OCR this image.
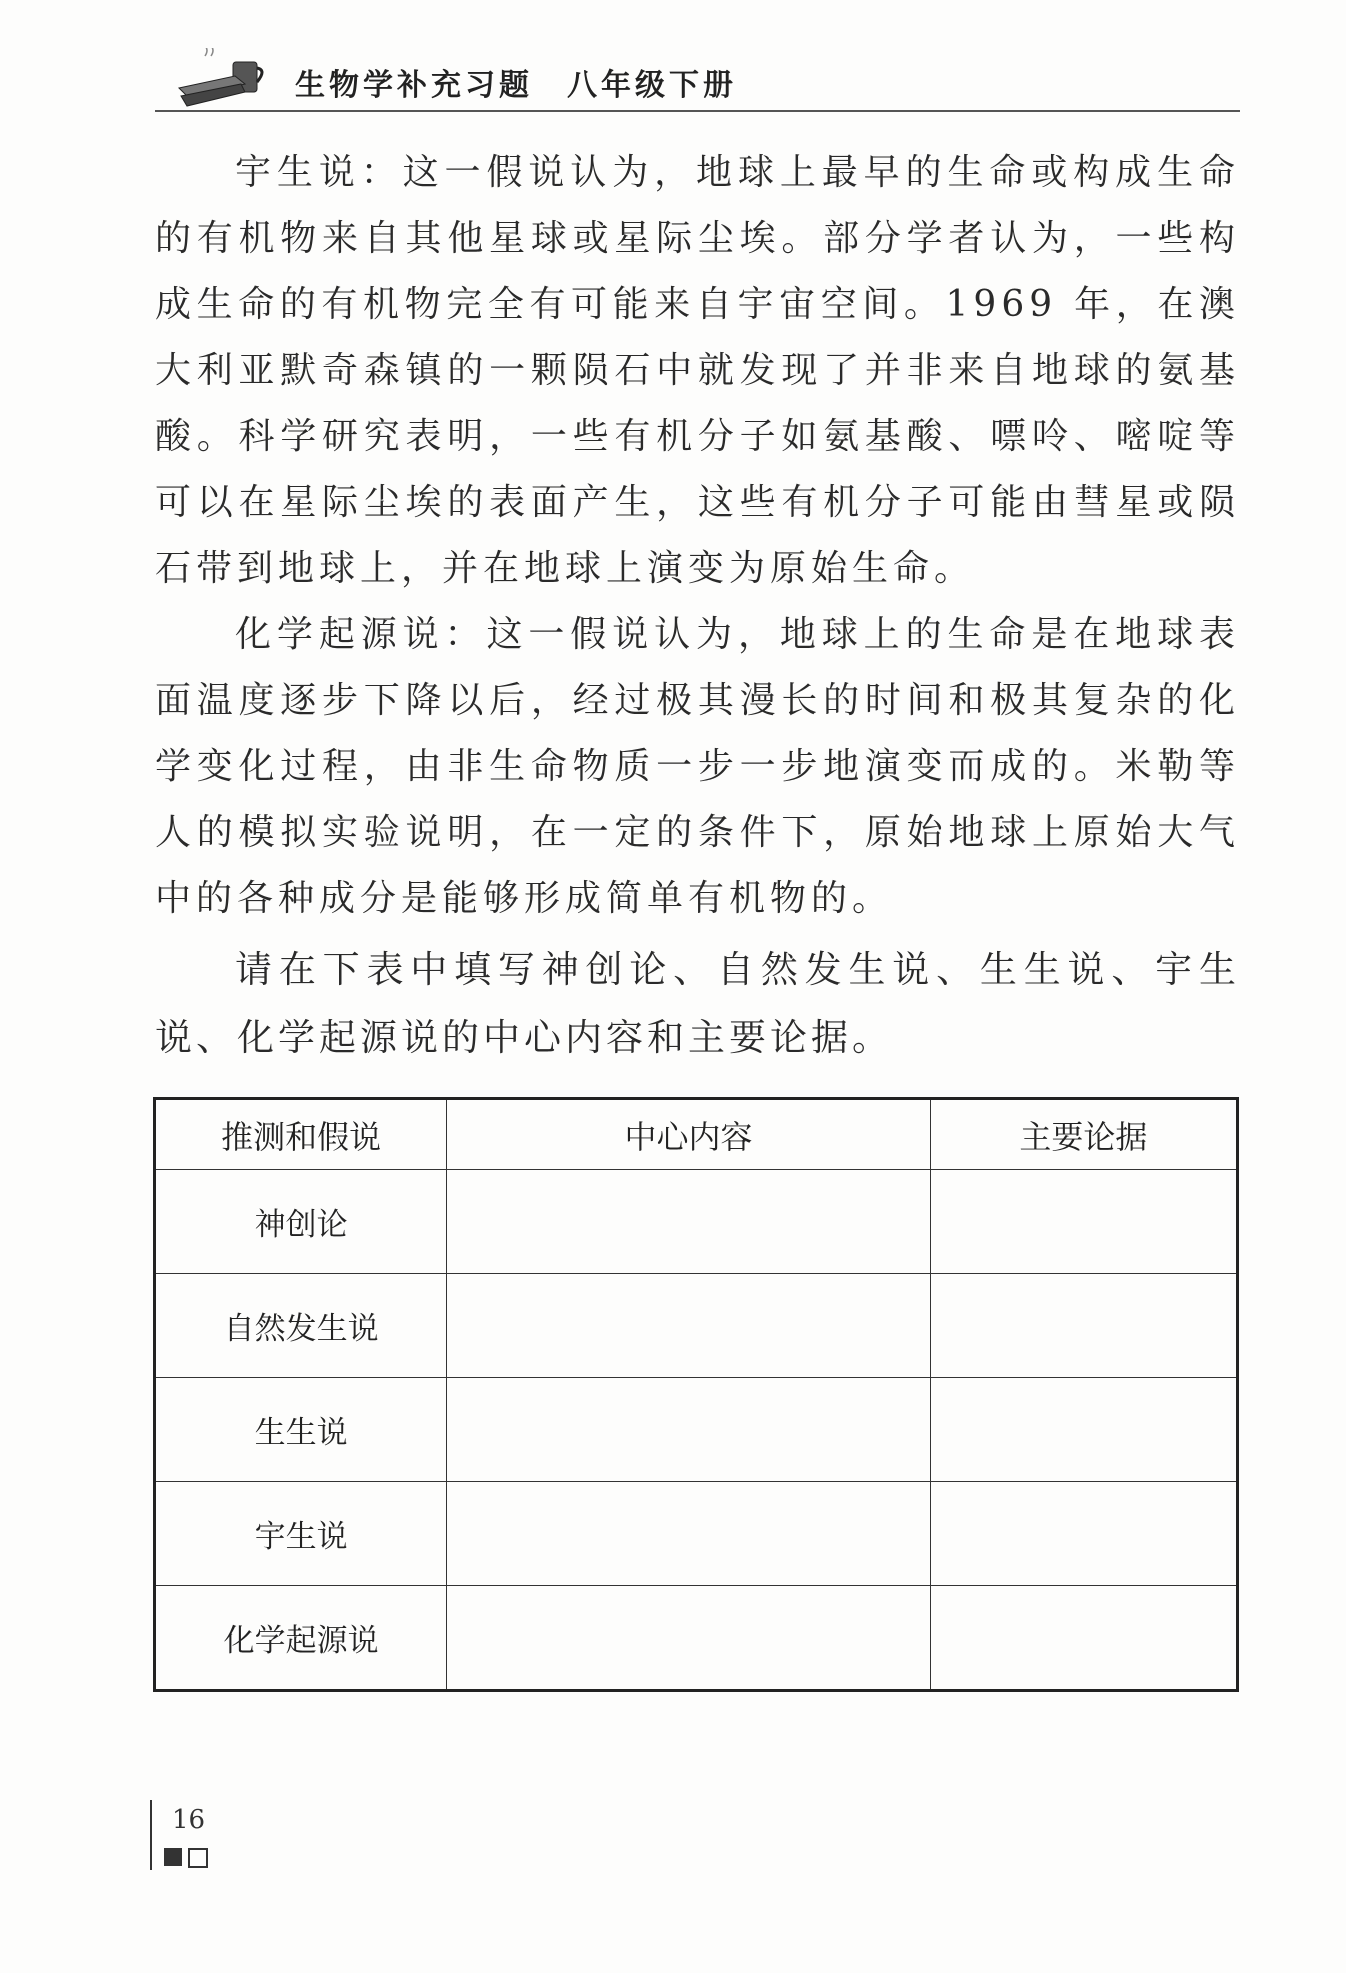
生物学补充习题　八年级下册

宇生说：这一假说认为，地球上最早的生命或构成生命的有机物来自其他星球或星际尘埃。部分学者认为，一些构成生命的有机物完全有可能来自宇宙空间。1969 年，在澳大利亚默奇森镇的一颗陨石中就发现了并非来自地球的氨基酸。科学研究表明，一些有机分子如氨基酸、嘌呤、嘧啶等可以在星际尘埃的表面产生，这些有机分子可能由彗星或陨石带到地球上，并在地球上演变为原始生命。

化学起源说：这一假说认为，地球上的生命是在地球表面温度逐步下降以后，经过极其漫长的时间和极其复杂的化学变化过程，由非生命物质一步一步地演变而成的。米勒等人的模拟实验说明，在一定的条件下，原始地球上原始大气中的各种成分是能够形成简单有机物的。

请在下表中填写神创论、自然发生说、生生说、宇生说、化学起源说的中心内容和主要论据。

推测和假说	中心内容	主要论据
神创论		
自然发生说		
生生说		
宇生说		
化学起源说		
16
